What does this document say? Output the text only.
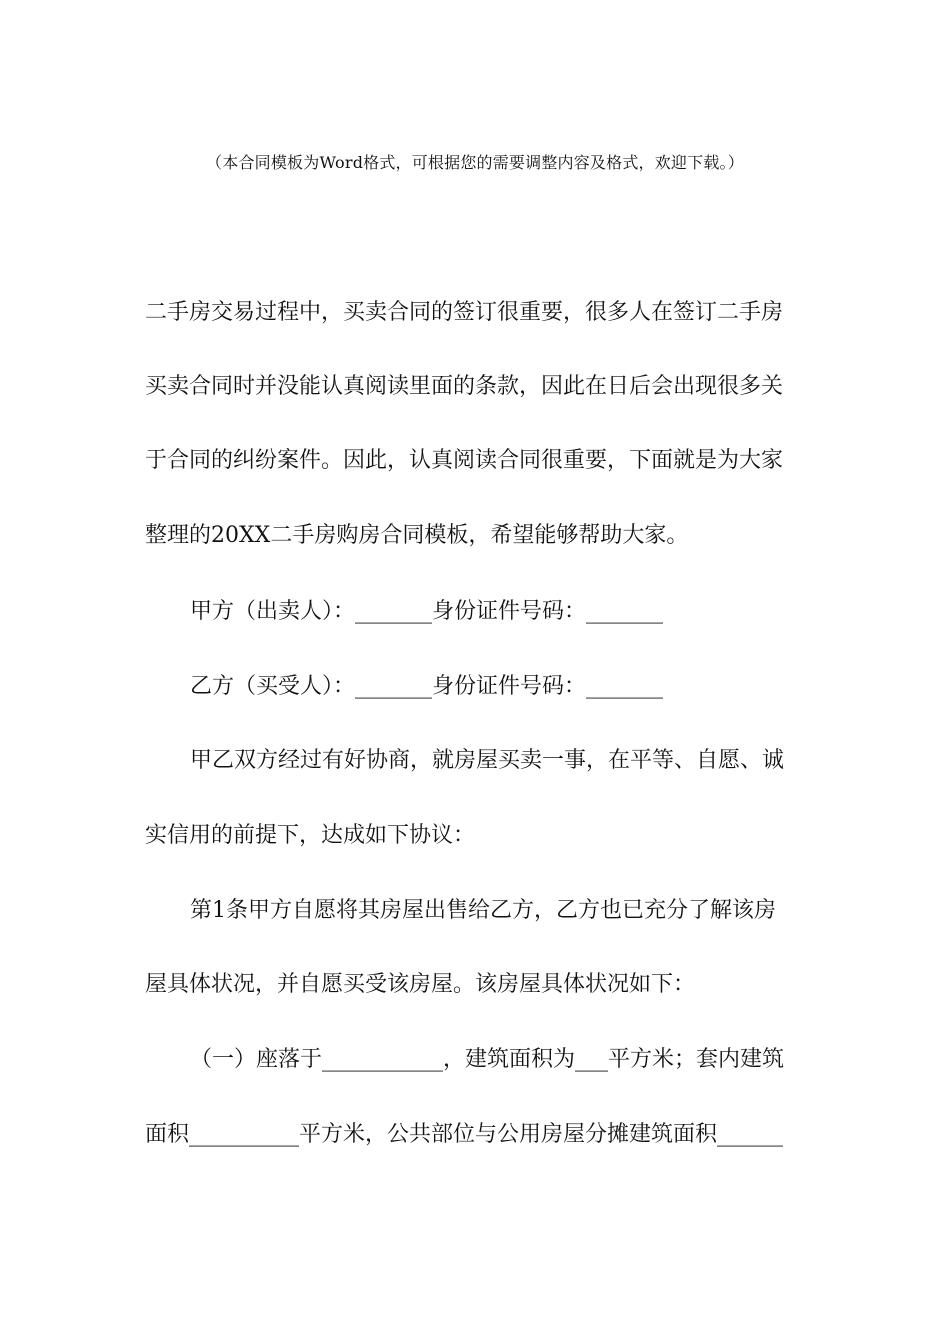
（本合同模板为Word格式，可根据您的需要调整内容及格式，欢迎下载。）
二手房交易过程中，买卖合同的签订很重要，很多人在签订二手房
买卖合同时并没能认真阅读里面的条款，因此在日后会出现很多关
于合同的纠纷案件。因此，认真阅读合同很重要，下面就是为大家
整理的20XX二手房购房合同模板，希望能够帮助大家。
甲方（出卖人）：_______身份证件号码：_______
乙方（买受人）：_______身份证件号码：_______
甲乙双方经过有好协商，就房屋买卖一事，在平等、自愿、诚
实信用的前提下，达成如下协议：
第1条甲方自愿将其房屋出售给乙方，乙方也已充分了解该房
屋具体状况，并自愿买受该房屋。该房屋具体状况如下：
（一）座落于___________，建筑面积为___平方米；套内建筑
面积__________平方米，公共部位与公用房屋分摊建筑面积______
